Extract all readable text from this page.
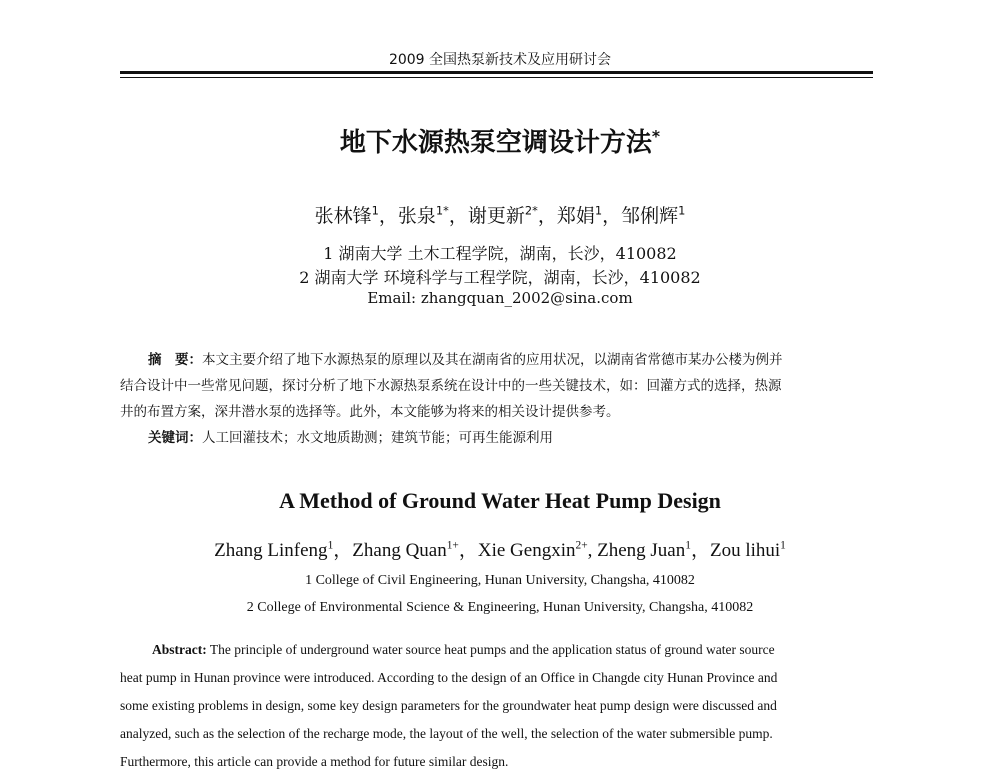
2009 全国热泵新技术及应用研讨会
地下水源热泵空调设计方法*
张林锋$^1$，张泉$^{1*}$，谢更新$^{2*}$，郑娟$^1$，邹俐辉$^1$
1 湖南大学 土木工程学院，湖南，长沙，410082
2 湖南大学 环境科学与工程学院，湖南，长沙，410082
Email: zhangquan_2002@sina.com
摘　要：本文主要介绍了地下水源热泵的原理以及其在湖南省的应用状况，以湖南省常德市某办公楼为例并
结合设计中一些常见问题，探讨分析了地下水源热泵系统在设计中的一些关键技术，如：回灌方式的选择，热源
井的布置方案，深井潜水泵的选择等。此外，本文能够为将来的相关设计提供参考。
关键词：人工回灌技术；水文地质勘测；建筑节能；可再生能源利用
A Method of Ground Water Heat Pump Design
Zhang Linfeng$^1$，Zhang Quan$^{1+}$，Xie Gengxin$^{2+}$, Zheng Juan$^1$，Zou lihui$^1$
1 College of Civil Engineering, Hunan University, Changsha, 410082
2 College of Environmental Science & Engineering, Hunan University, Changsha, 410082
Abstract: The principle of underground water source heat pumps and the application status of ground water source
heat pump in Hunan province were introduced. According to the design of an Office in Changde city Hunan Province and
some existing problems in design, some key design parameters for the groundwater heat pump design were discussed and
analyzed, such as the selection of the recharge mode, the layout of the well, the selection of the water submersible pump.
Furthermore, this article can provide a method for future similar design.
